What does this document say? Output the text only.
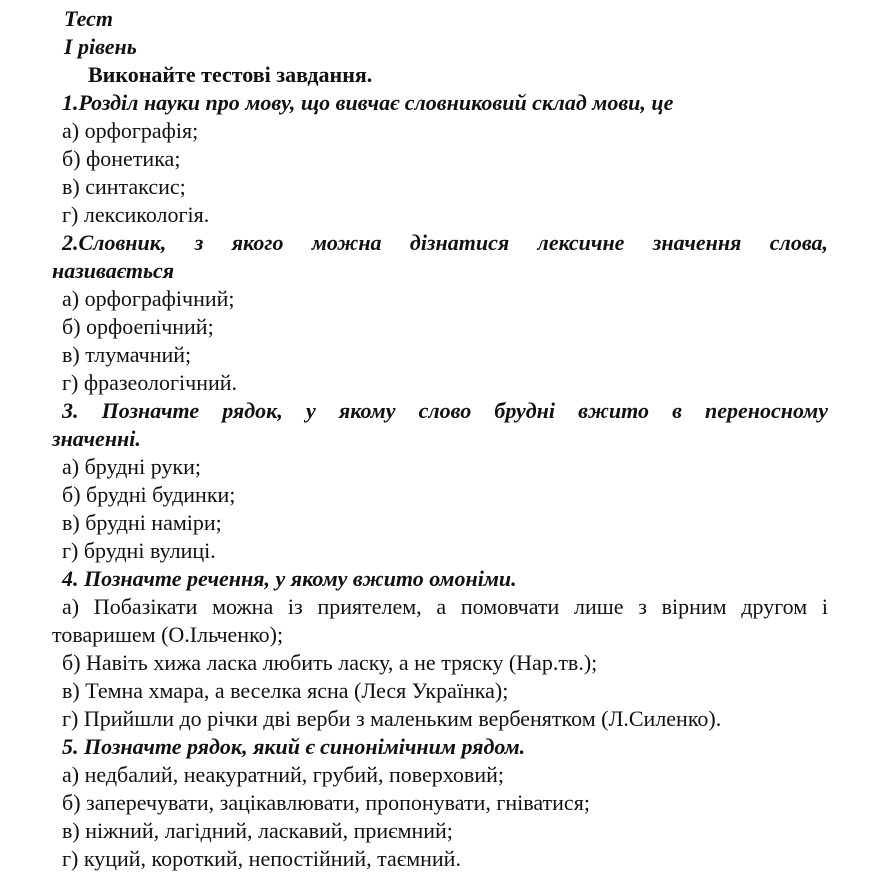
Тест
І рівень
Виконайте тестові завдання.
1.Розділ науки про мову, що вивчає словниковий склад мови, це
а) орфографія;
б) фонетика;
в) синтаксис;
г) лексикологія.
2.Словник, з якого можна дізнатися лексичне значення слова,
називається
а) орфографічний;
б) орфоепічний;
в) тлумачний;
г) фразеологічний.
3. Позначте рядок, у якому слово брудні вжито в переносному
значенні.
а) брудні руки;
б) брудні будинки;
в) брудні наміри;
г) брудні вулиці.
4. Позначте речення, у якому вжито омоніми.
а) Побазікати можна із приятелем, а помовчати лише з вірним другом і
товаришем (О.Ільченко);
б) Навіть хижа ласка любить ласку, а не тряску (Нар.тв.);
в) Темна хмара, а веселка ясна (Леся Українка);
г) Прийшли до річки дві верби з маленьким вербенятком (Л.Силенко).
5. Позначте рядок, який є синонімічним рядом.
а) недбалий, неакуратний, грубий, поверховий;
б) заперечувати, зацікавлювати, пропонувати, гніватися;
в) ніжний, лагідний, ласкавий, приємний;
г) куций, короткий, непостійний, таємний.
